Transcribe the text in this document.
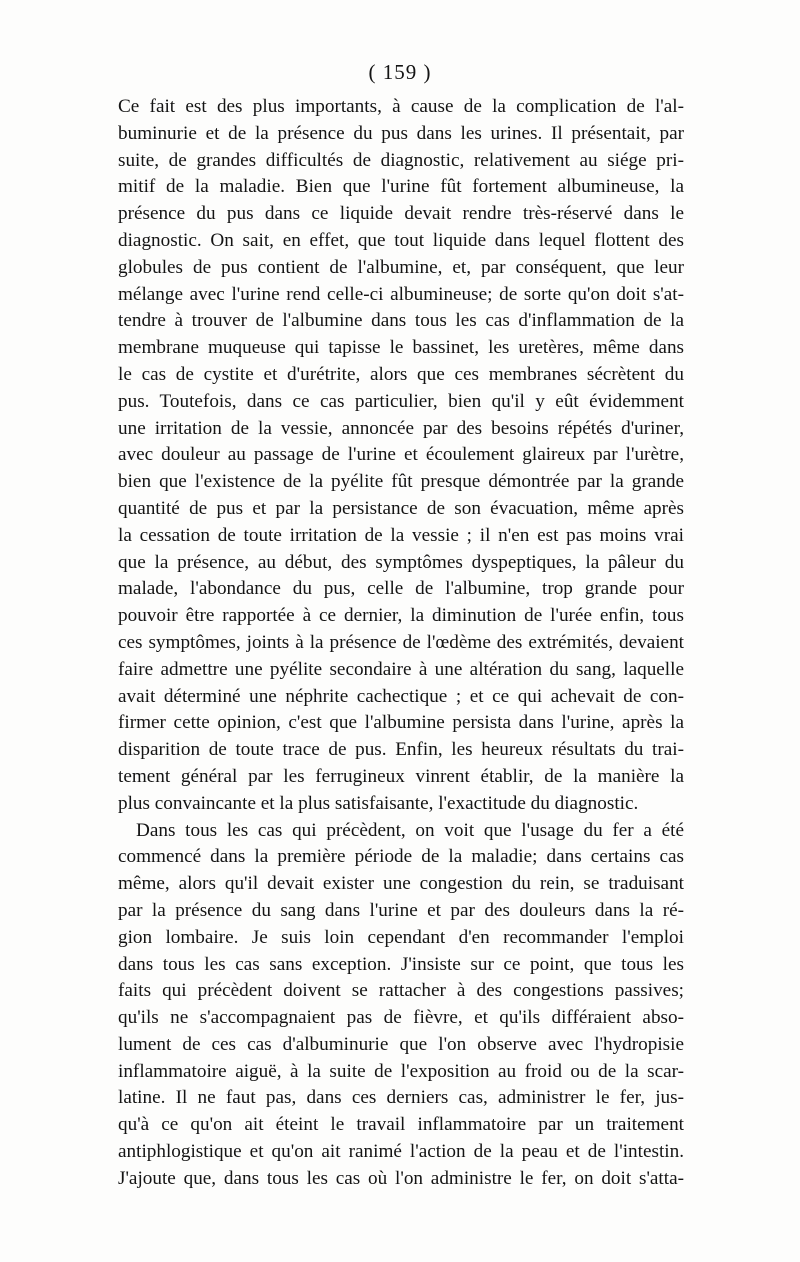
( 159 )
Ce fait est des plus importants, à cause de la complication de l'al-
buminurie et de la présence du pus dans les urines. Il présentait, par
suite, de grandes difficultés de diagnostic, relativement au siége pri-
mitif de la maladie. Bien que l'urine fût fortement albumineuse, la
présence du pus dans ce liquide devait rendre très-réservé dans le
diagnostic. On sait, en effet, que tout liquide dans lequel flottent des
globules de pus contient de l'albumine, et, par conséquent, que leur
mélange avec l'urine rend celle-ci albumineuse; de sorte qu'on doit s'at-
tendre à trouver de l'albumine dans tous les cas d'inflammation de la
membrane muqueuse qui tapisse le bassinet, les uretères, même dans
le cas de cystite et d'urétrite, alors que ces membranes sécrètent du
pus. Toutefois, dans ce cas particulier, bien qu'il y eût évidemment
une irritation de la vessie, annoncée par des besoins répétés d'uriner,
avec douleur au passage de l'urine et écoulement glaireux par l'urètre,
bien que l'existence de la pyélite fût presque démontrée par la grande
quantité de pus et par la persistance de son évacuation, même après
la cessation de toute irritation de la vessie ; il n'en est pas moins vrai
que la présence, au début, des symptômes dyspeptiques, la pâleur du
malade, l'abondance du pus, celle de l'albumine, trop grande pour
pouvoir être rapportée à ce dernier, la diminution de l'urée enfin, tous
ces symptômes, joints à la présence de l'œdème des extrémités, devaient
faire admettre une pyélite secondaire à une altération du sang, laquelle
avait déterminé une néphrite cachectique ; et ce qui achevait de con-
firmer cette opinion, c'est que l'albumine persista dans l'urine, après la
disparition de toute trace de pus. Enfin, les heureux résultats du trai-
tement général par les ferrugineux vinrent établir, de la manière la
plus convaincante et la plus satisfaisante, l'exactitude du diagnostic.
Dans tous les cas qui précèdent, on voit que l'usage du fer a été
commencé dans la première période de la maladie; dans certains cas
même, alors qu'il devait exister une congestion du rein, se traduisant
par la présence du sang dans l'urine et par des douleurs dans la ré-
gion lombaire. Je suis loin cependant d'en recommander l'emploi
dans tous les cas sans exception. J'insiste sur ce point, que tous les
faits qui précèdent doivent se rattacher à des congestions passives;
qu'ils ne s'accompagnaient pas de fièvre, et qu'ils différaient abso-
lument de ces cas d'albuminurie que l'on observe avec l'hydropisie
inflammatoire aiguë, à la suite de l'exposition au froid ou de la scar-
latine. Il ne faut pas, dans ces derniers cas, administrer le fer, jus-
qu'à ce qu'on ait éteint le travail inflammatoire par un traitement
antiphlogistique et qu'on ait ranimé l'action de la peau et de l'intestin.
J'ajoute que, dans tous les cas où l'on administre le fer, on doit s'atta-
